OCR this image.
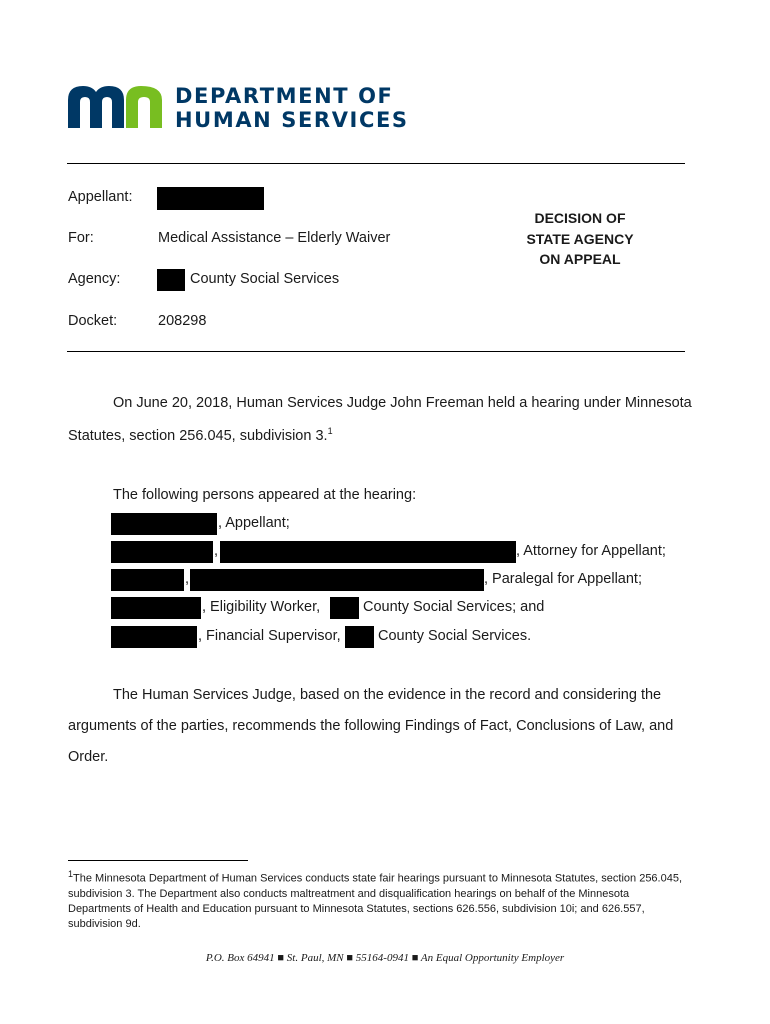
DEPARTMENT OF
HUMAN SERVICES
Appellant:
For:	Medical Assistance – Elderly Waiver
Agency:	County Social Services
Docket:	208298
DECISION OF
STATE AGENCY
ON APPEAL
On June 20, 2018, Human Services Judge John Freeman held a hearing under Minnesota
Statutes, section 256.045, subdivision 3.$^1$
The following persons appeared at the hearing:
, Appellant;
,	, Attorney for Appellant;
,	, Paralegal for Appellant;
, Eligibility Worker,	County Social Services; and
, Financial Supervisor,	County Social Services.
The Human Services Judge, based on the evidence in the record and considering the
arguments of the parties, recommends the following Findings of Fact, Conclusions of Law, and
Order.
$^1$The Minnesota Department of Human Services conducts state fair hearings pursuant to Minnesota Statutes, section 256.045, subdivision 3. The Department also conducts maltreatment and disqualification hearings on behalf of the Minnesota Departments of Health and Education pursuant to Minnesota Statutes, sections 626.556, subdivision 10i; and 626.557, subdivision 9d.
P.O. Box 64941 ■ St. Paul, MN ■ 55164-0941 ■ An Equal Opportunity Employer
